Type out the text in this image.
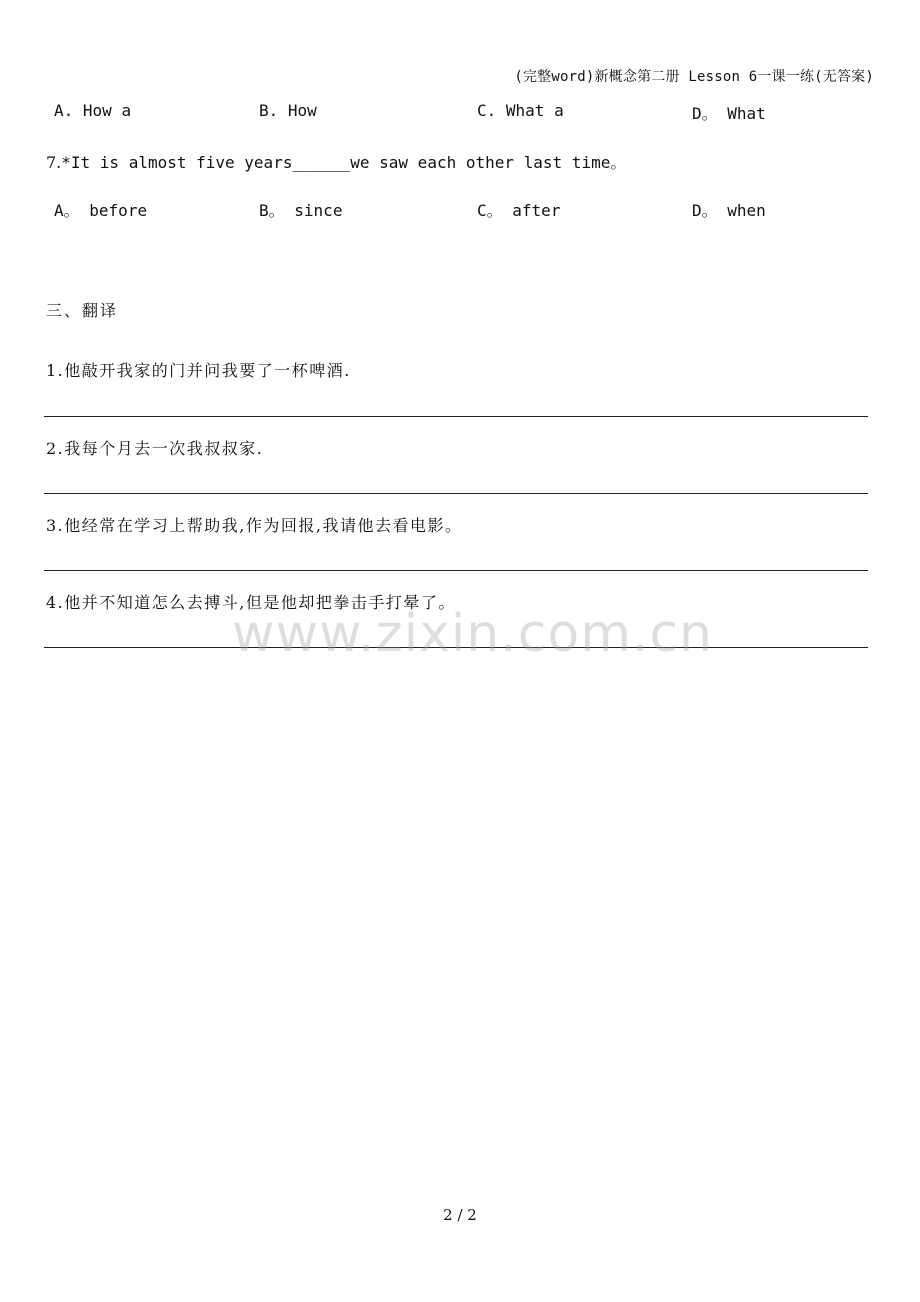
(完整word)新概念第二册 Lesson 6一课一练(无答案)
A. How a	B. How	C. What a	D。 What
7.*It is almost five years______we saw each other last time。
A。 before	B。 since	C。 after	D。 when
三、翻译
1.他敲开我家的门并问我要了一杯啤酒.
2.我每个月去一次我叔叔家.
3.他经常在学习上帮助我,作为回报,我请他去看电影。
4.他并不知道怎么去搏斗,但是他却把拳击手打晕了。
www.zixin.com.cn
2 / 2
